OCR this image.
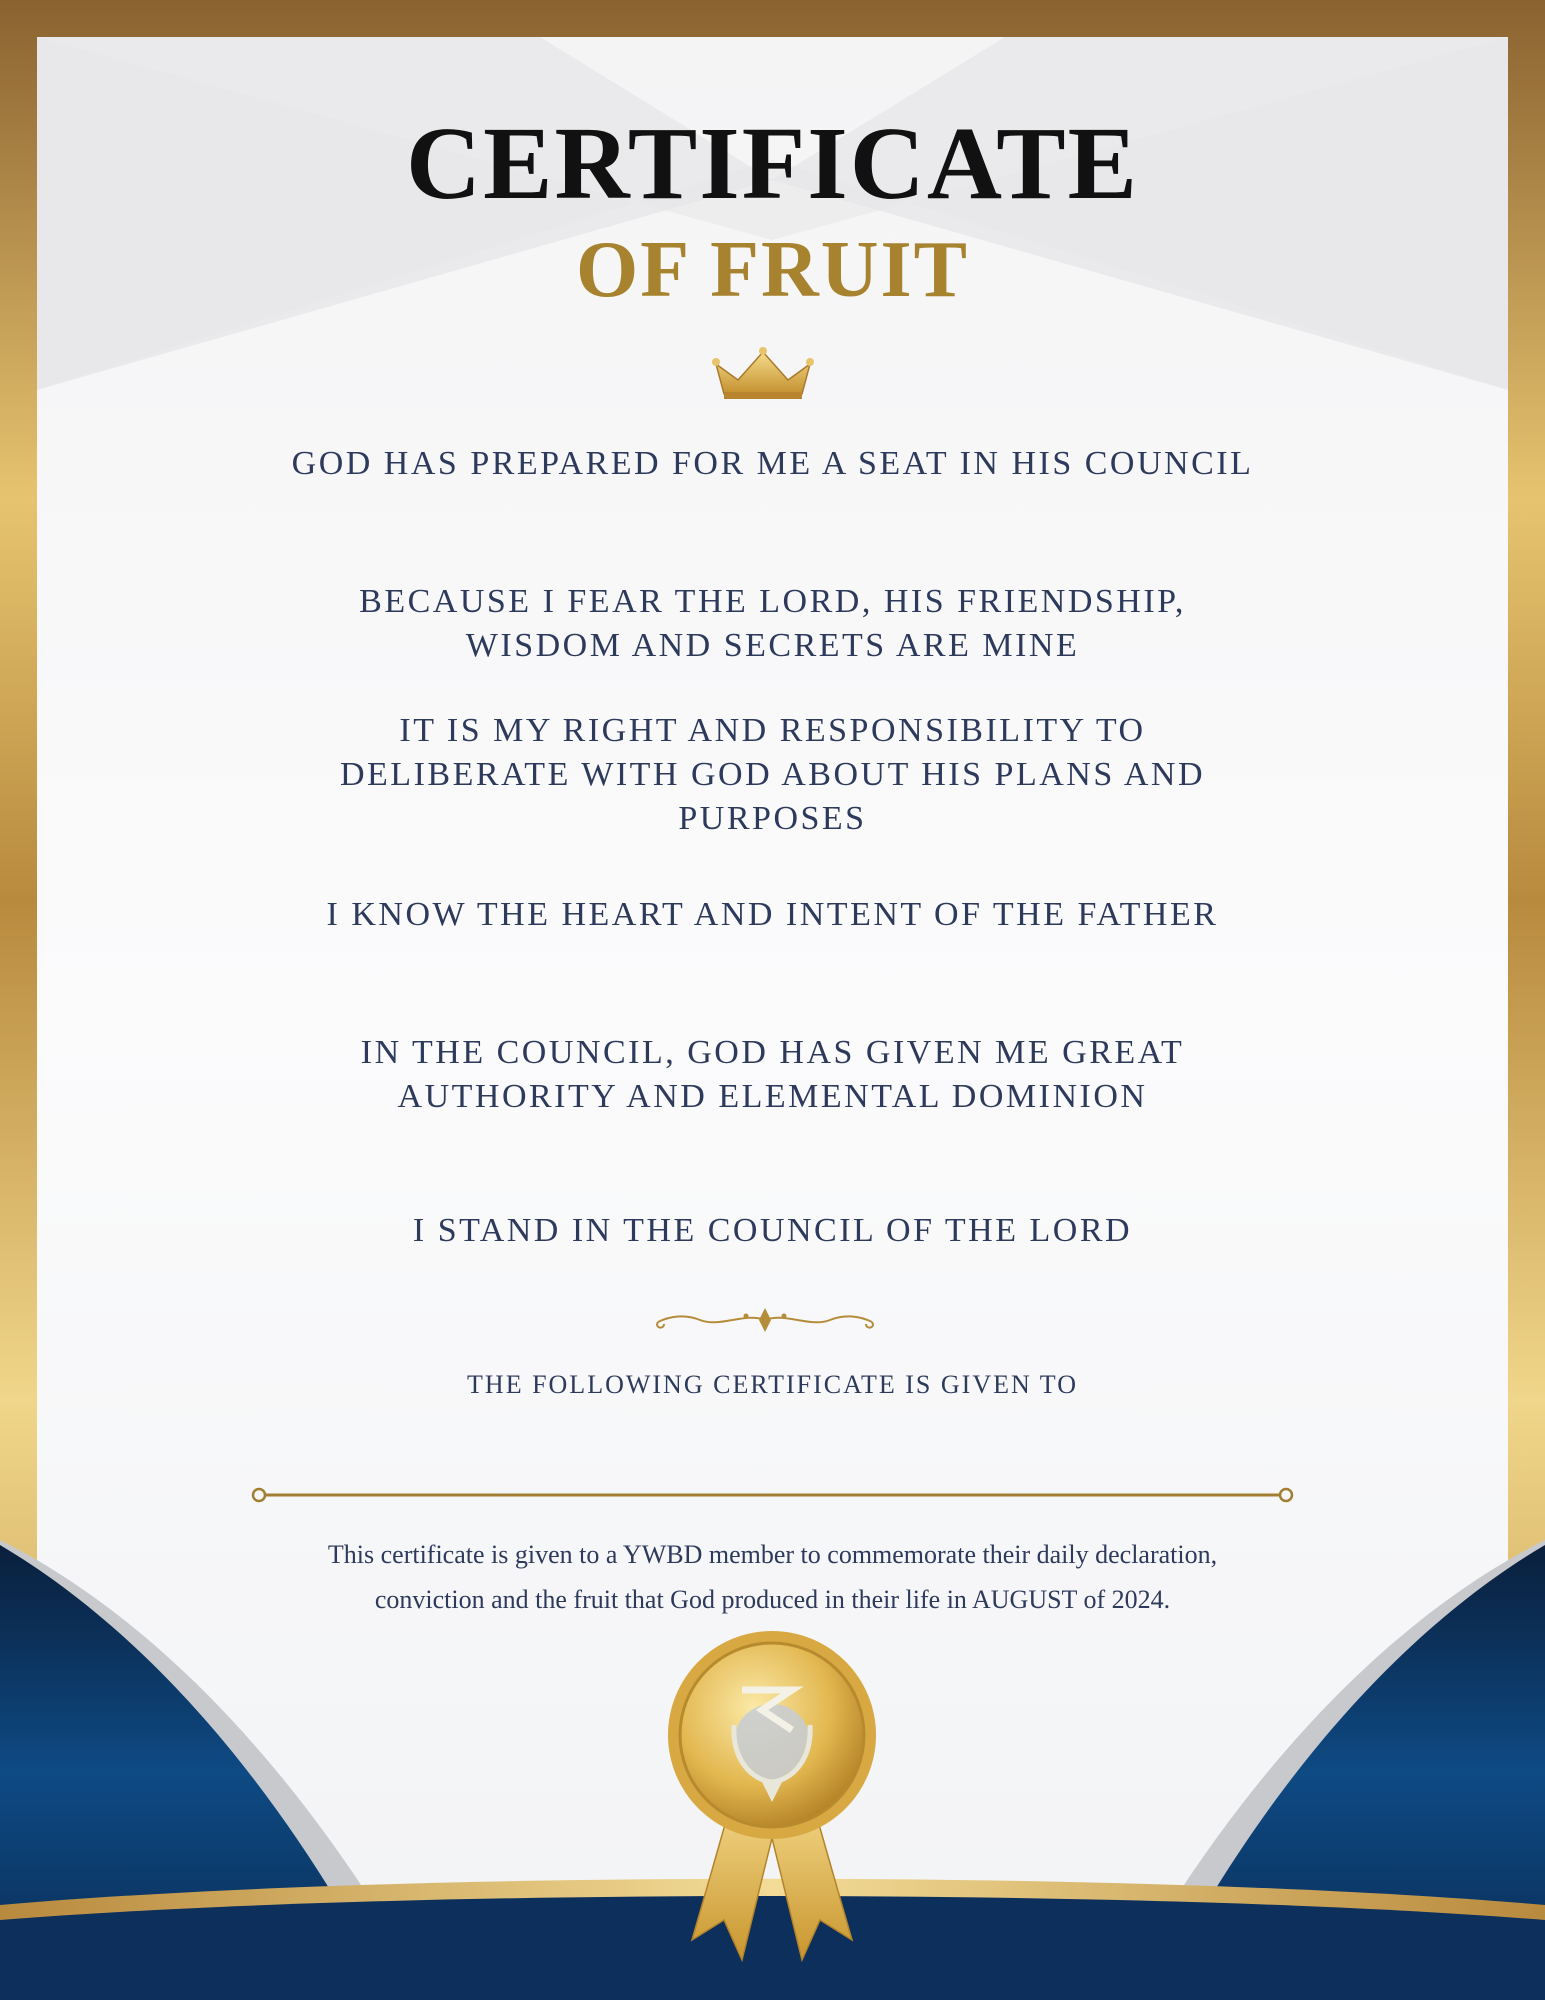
CERTIFICATE
OF FRUIT
GOD HAS PREPARED FOR ME A SEAT IN HIS COUNCIL
BECAUSE I FEAR THE LORD, HIS FRIENDSHIP, WISDOM AND SECRETS ARE MINE
IT IS MY RIGHT AND RESPONSIBILITY TO DELIBERATE WITH GOD ABOUT HIS PLANS AND PURPOSES
I KNOW THE HEART AND INTENT OF THE FATHER
IN THE COUNCIL, GOD HAS GIVEN ME GREAT AUTHORITY AND ELEMENTAL DOMINION
I STAND IN THE COUNCIL OF THE LORD
THE FOLLOWING CERTIFICATE IS GIVEN TO
This certificate is given to a YWBD member to commemorate their daily declaration, conviction and the fruit that God produced in their life in AUGUST of 2024.
